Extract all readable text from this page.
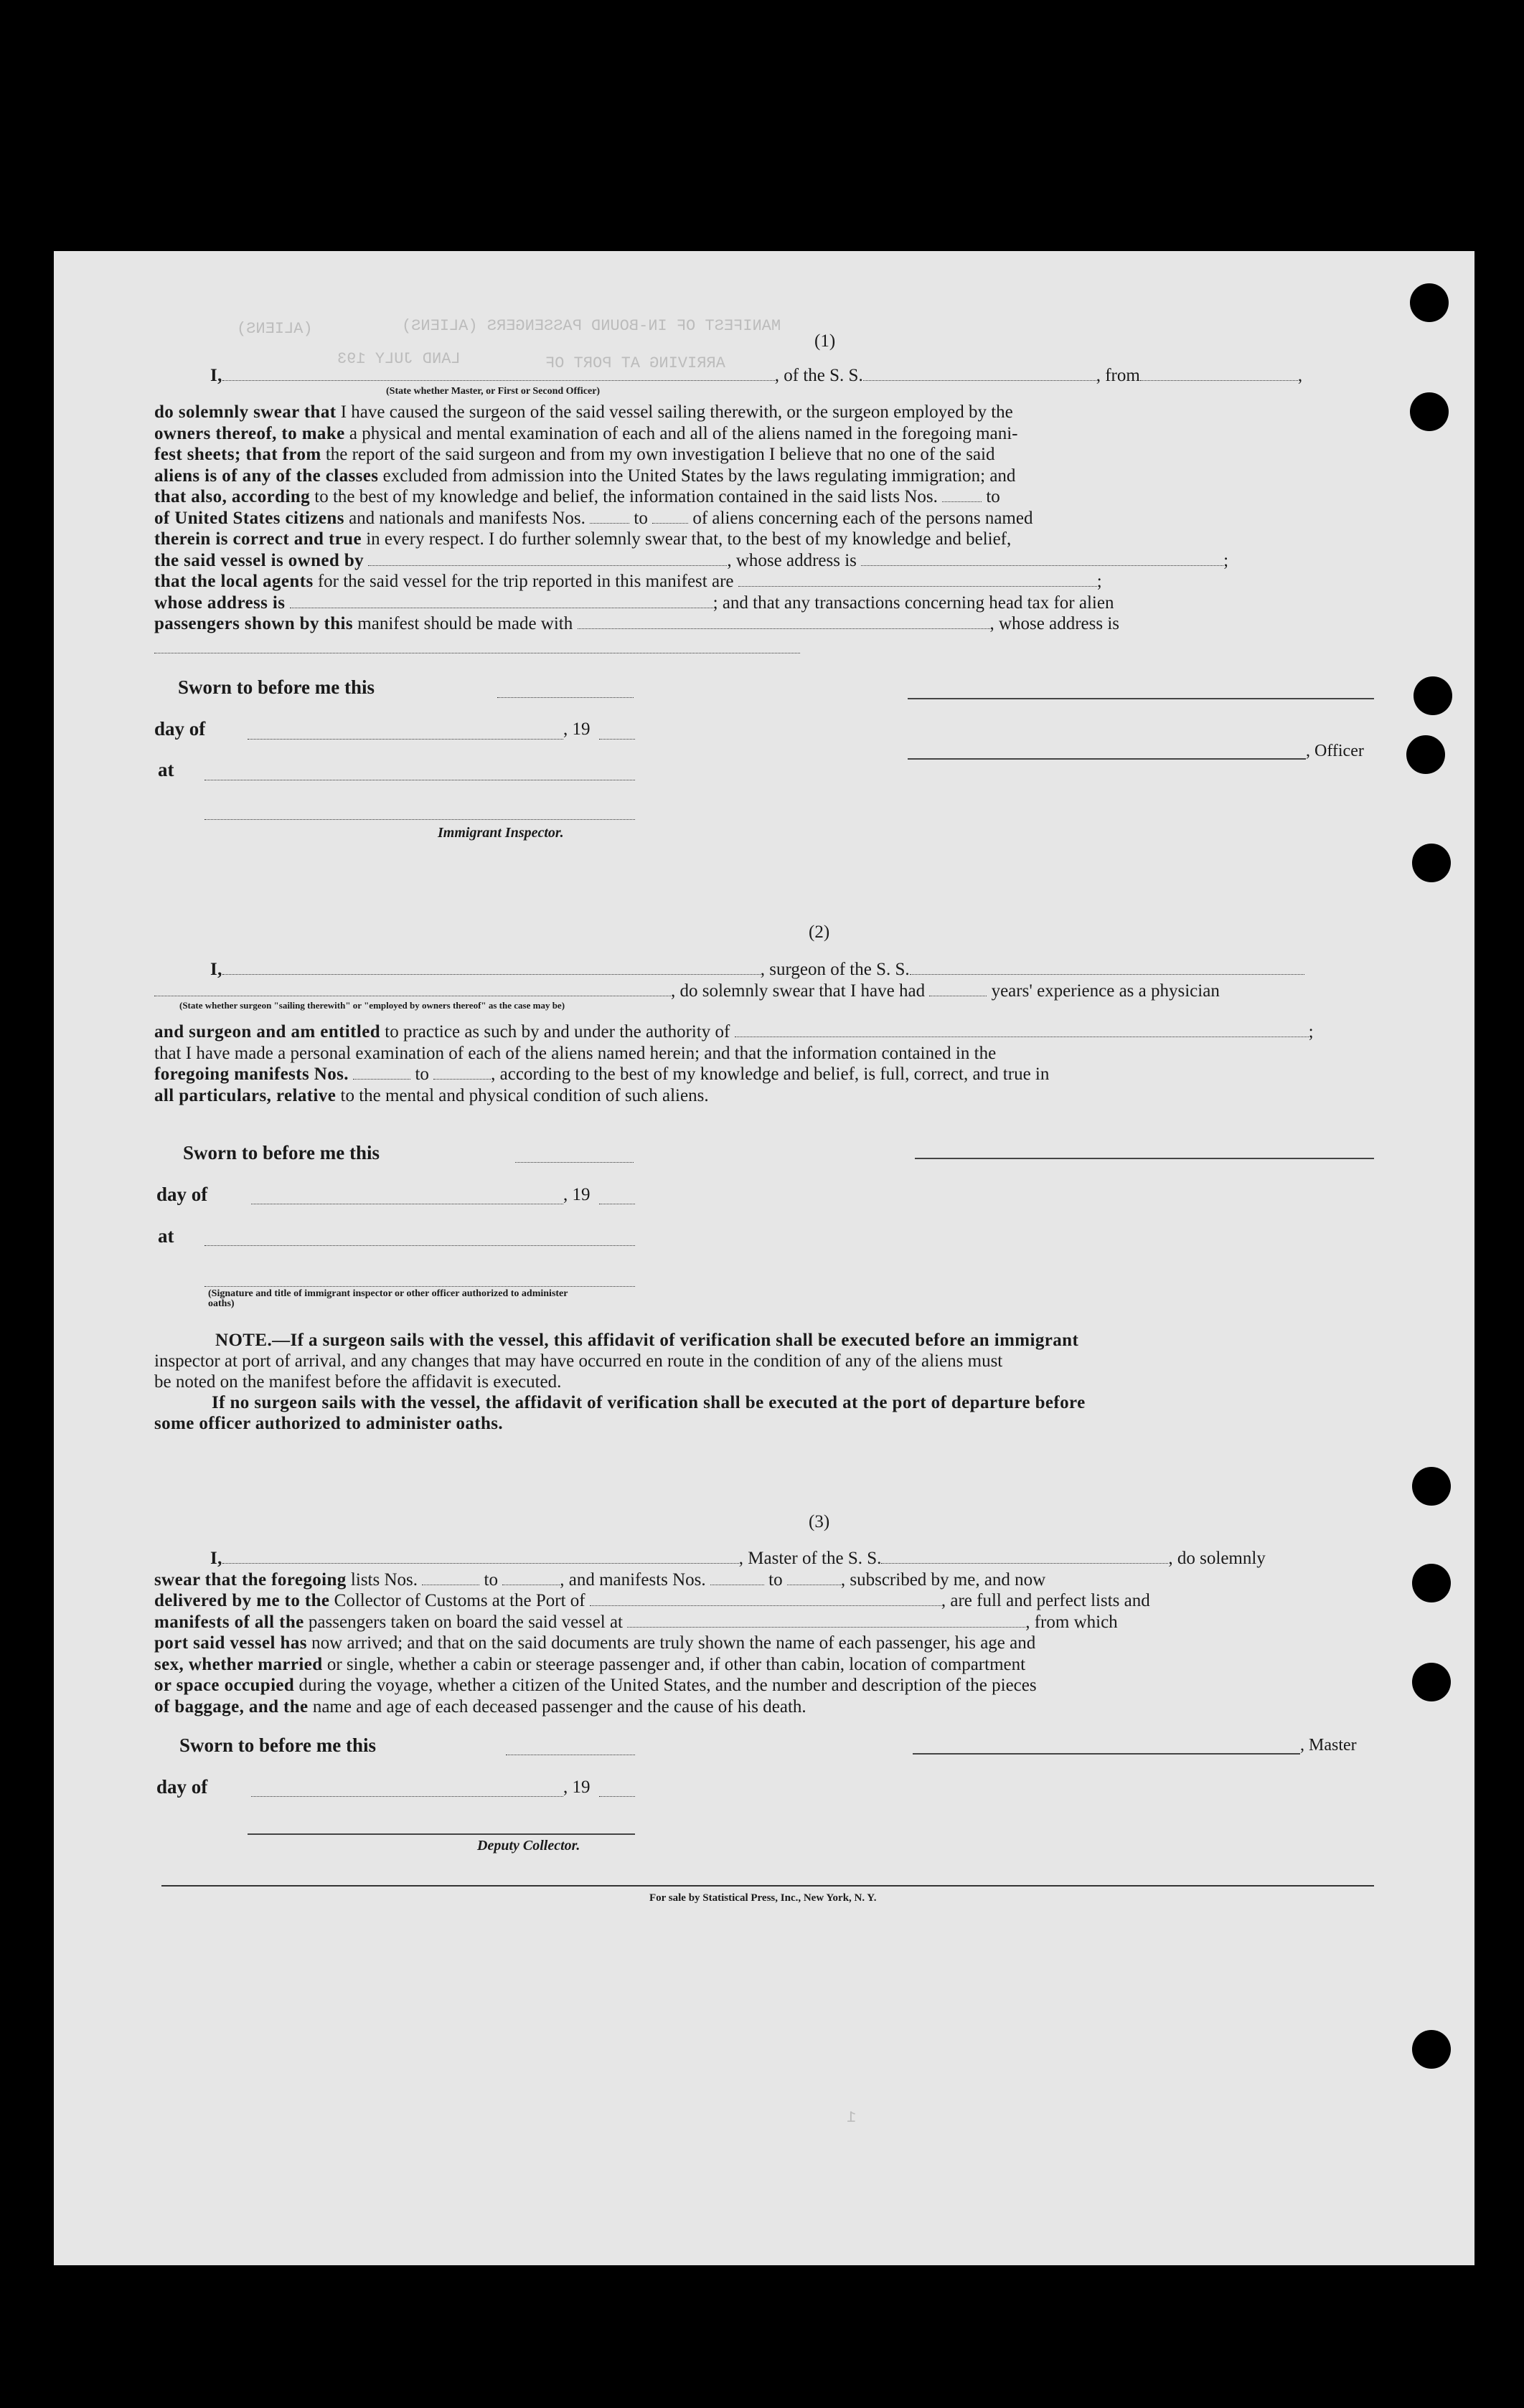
MANIFEST OF IN-BOUND PASSENGERS (ALIENS)
(ALIENS)
LAND JULY 193	ARRIVING AT PORT OF
1
(1)
I,	, of the S. S.	, from	,
(State whether Master, or First or Second Officer)
do solemnly swear that I have caused the surgeon of the said vessel sailing therewith, or the surgeon employed by the
owners thereof, to make a physical and mental examination of each and all of the aliens named in the foregoing mani-
fest sheets; that from the report of the said surgeon and from my own investigation I believe that no one of the said
aliens is of any of the classes excluded from admission into the United States by the laws regulating immigration; and
that also, according to the best of my knowledge and belief, the information contained in the said lists Nos.	to
of United States citizens and nationals and manifests Nos.	to	of aliens concerning each of the persons named
therein is correct and true in every respect. I do further solemnly swear that, to the best of my knowledge and belief,
the said vessel is owned by	, whose address is	;
that the local agents for the said vessel for the trip reported in this manifest are	;
whose address is	; and that any transactions concerning head tax for alien
passengers shown by this manifest should be made with	, whose address is
Sworn to before me this
day of	, 19
at
Immigrant Inspector.
, Officer
(2)
I,	, surgeon of the S. S.
, do solemnly swear that I have had	years' experience as a physician
(State whether surgeon "sailing therewith" or "employed by owners thereof" as the case may be)
and surgeon and am entitled to practice as such by and under the authority of	;
that I have made a personal examination of each of the aliens named herein; and that the information contained in the
foregoing manifests Nos.	to	, according to the best of my knowledge and belief, is full, correct, and true in
all particulars, relative to the mental and physical condition of such aliens.
Sworn to before me this
day of	, 19
at
(Signature and title of immigrant inspector or other officer authorized to administer oaths)
NOTE.—If a surgeon sails with the vessel, this affidavit of verification shall be executed before an immigrant
inspector at port of arrival, and any changes that may have occurred en route in the condition of any of the aliens must
be noted on the manifest before the affidavit is executed.
If no surgeon sails with the vessel, the affidavit of verification shall be executed at the port of departure before
some officer authorized to administer oaths.
(3)
I,	, Master of the S. S.	, do solemnly
swear that the foregoing lists Nos.	to	, and manifests Nos.	to	, subscribed by me, and now
delivered by me to the Collector of Customs at the Port of	, are full and perfect lists and
manifests of all the passengers taken on board the said vessel at	, from which
port said vessel has now arrived; and that on the said documents are truly shown the name of each passenger, his age and
sex, whether married or single, whether a cabin or steerage passenger and, if other than cabin, location of compartment
or space occupied during the voyage, whether a citizen of the United States, and the number and description of the pieces
of baggage, and the name and age of each deceased passenger and the cause of his death.
Sworn to before me this
day of	, 19
Deputy Collector.
, Master
For sale by Statistical Press, Inc., New York, N. Y.
